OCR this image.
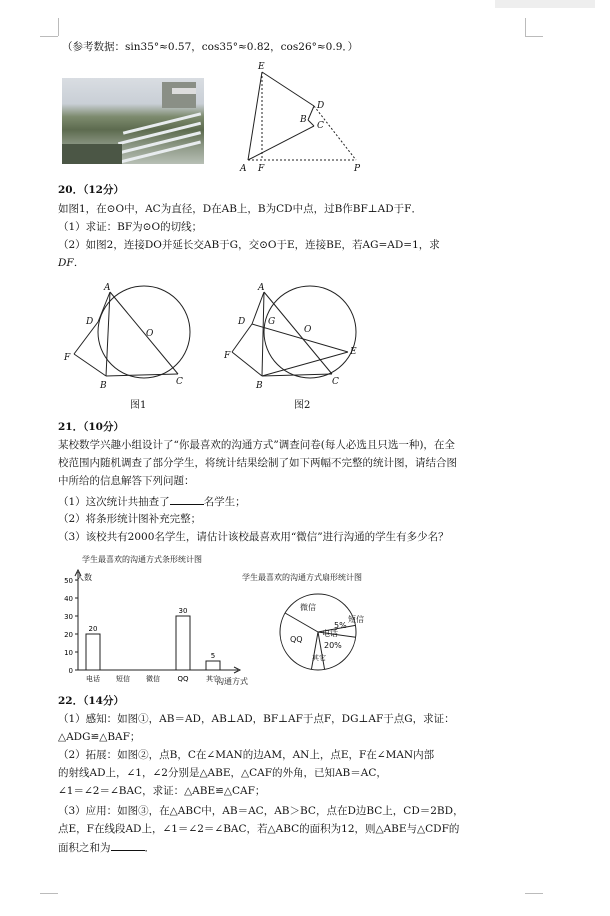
（参考数据：sin35°≈0.57，cos35°≈0.82，cos26°≈0.9．）
E
D
B
C
A F	P
20．（12分）
如图1，在⊙O中，AC为直径，D在AB上，B为CD中点，过B作BF⊥AD于F．
（1）求证：BF为⊙O的切线；
（2）如图2，连接DO并延长交AB于G，交⊙O于E，连接BE，若AG=AD=1，求
DF．
A
D
O
F
B	C
图1
A
D	G
O
F	E
B	C
图2
21．（10分）
某校数学兴趣小组设计了“你最喜欢的沟通方式”调查问卷(每人必选且只选一种)，在全
校范围内随机调查了部分学生，将统计结果绘制了如下两幅不完整的统计图，请结合图
中所给的信息解答下列问题：
（1）这次统计共抽查了	名学生；
（2）将条形统计图补充完整；
（3）该校共有2000名学生，请估计该校最喜欢用“微信”进行沟通的学生有多少名？
学生最喜欢的沟通方式条形统计图
人数
沟通方式
0
10
20
30
40
50
电话
20
短信 微信 QQ
30
其它
5
学生最喜欢的沟通方式扇形统计图
微信
QQ
电话
20%
短信
5%
其它
22．（14分）
（1）感知：如图①，AB＝AD，AB⊥AD，BF⊥AF于点F，DG⊥AF于点G，求证：
△ADG≌△BAF；
（2）拓展：如图②，点B，C在∠MAN的边AM，AN上，点E，F在∠MAN内部
的射线AD上，∠1，∠2分别是△ABE，△CAF的外角，已知AB＝AC，
∠1＝∠2＝∠BAC，求证：△ABE≌△CAF；
（3）应用：如图③，在△ABC中，AB＝AC，AB＞BC，点在D边BC上，CD＝2BD，
点E，F在线段AD上，∠1＝∠2＝∠BAC，若△ABC的面积为12，则△ABE与△CDF的
面积之和为	．
